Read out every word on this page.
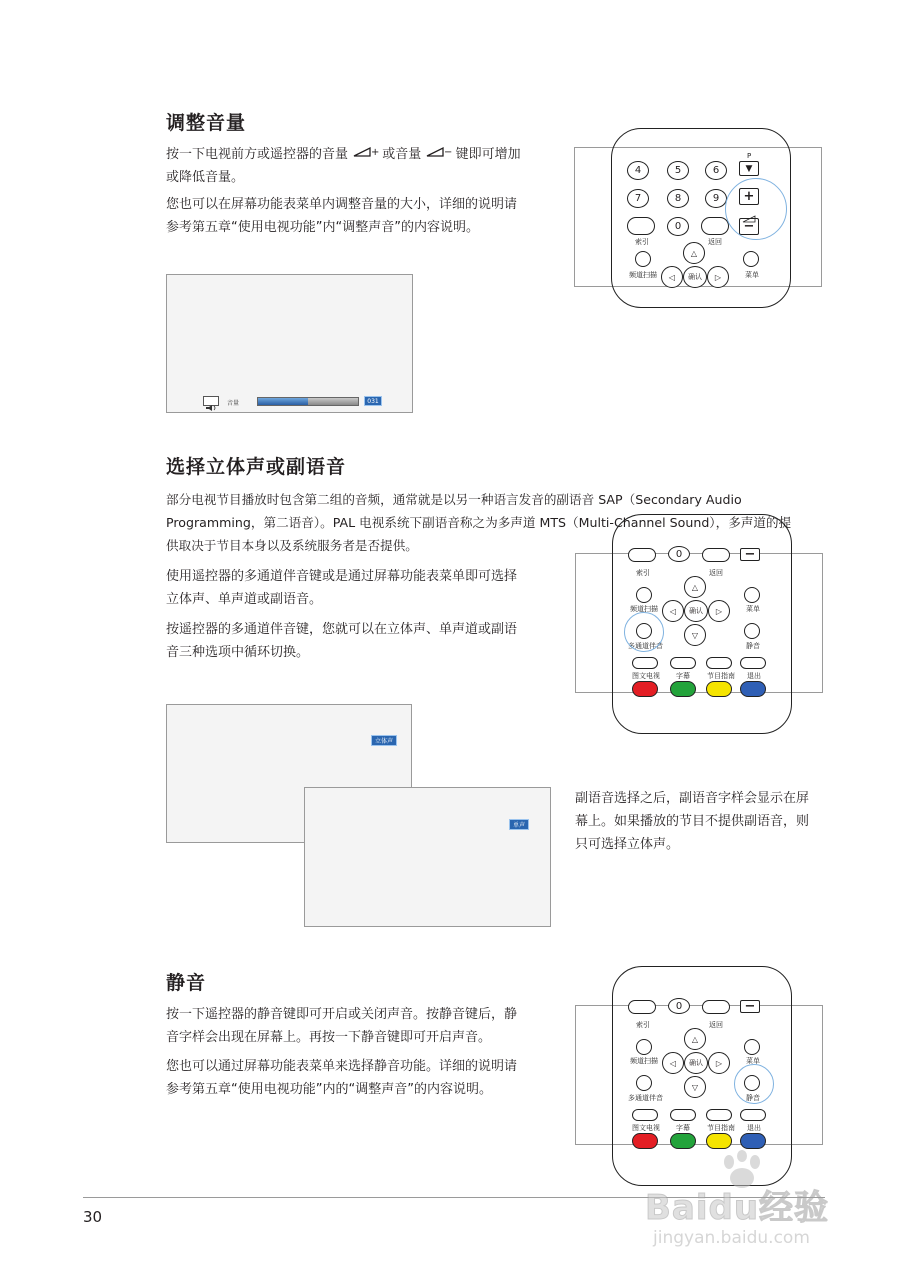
调整音量
按一下电视前方或遥控器的音量 + 或音量 − 键即可增加
或降低音量。
您也可以在屏幕功能表菜单内调整音量的大小，详细的说明请
参考第五章“使用电视功能”内“调整声音”的内容说明。
4	5	6
7	8	9
0
索引	返回
P
▼
+
−
频道扫描
△
◁	确认	▷	菜单
音量	031
选择立体声或副语音
部分电视节目播放时包含第二组的音频，通常就是以另一种语言发音的副语音 SAP（Secondary Audio
Programming，第二语音）。PAL 电视系统下副语音称之为多声道 MTS（Multi-Channel Sound），多声道的提
供取决于节目本身以及系统服务者是否提供。
使用遥控器的多通道伴音键或是通过屏幕功能表菜单即可选择
立体声、单声道或副语音。
按遥控器的多通道伴音键，您就可以在立体声、单声道或副语
音三种选项中循环切换。
0	−
索引	返回
频道扫描
△
◁	确认	▷
▽
菜单
多通道伴音	静音
图文电视 字幕 节目指南 退出
立体声
单声
副语音选择之后，副语音字样会显示在屏
幕上。如果播放的节目不提供副语音，则
只可选择立体声。
静音
按一下遥控器的静音键即可开启或关闭声音。按静音键后，静
音字样会出现在屏幕上。再按一下静音键即可开启声音。
您也可以通过屏幕功能表菜单来选择静音功能。详细的说明请
参考第五章“使用电视功能”内的“调整声音”的内容说明。
0	−
索引	返回
频道扫描
△
◁	确认	▷
▽
菜单
多通道伴音	静音
图文电视 字幕 节目指南 退出
30	Baidu经验
jingyan.baidu.com
